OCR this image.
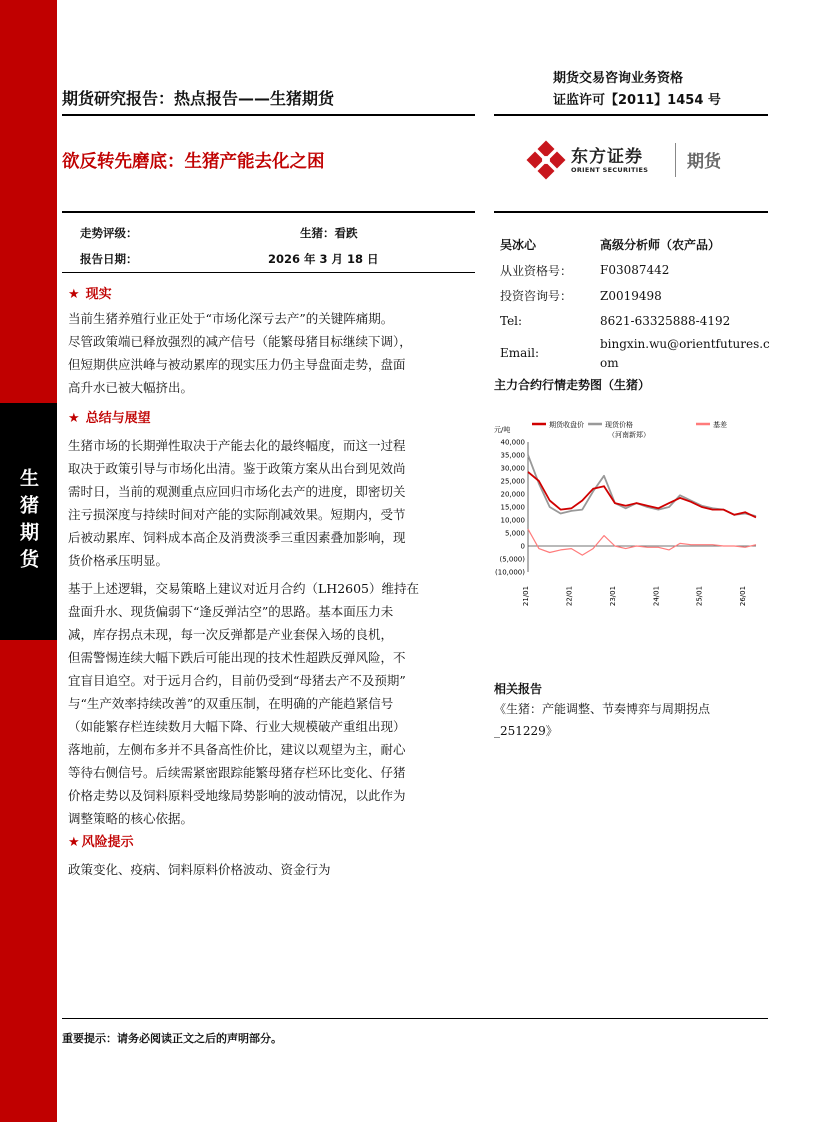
生猪期货
期货研究报告：热点报告——生猪期货
期货交易咨询业务资格
证监许可【2011】1454 号
欲反转先磨底：生猪产能去化之困	东方证券
ORIENT SECURITIES 期货
走势评级：	生猪：看跌
报告日期：	2026 年 3 月 18 日
吴冰心	高级分析师（农产品）
从业资格号： F03087442
投资咨询号： Z0019498
Tel:	8621-63325888-4192
Email:
bingxin.wu@orientfutures.c
om
★ 现实
当前生猪养殖行业正处于“市场化深亏去产”的关键阵痛期。
尽管政策端已释放强烈的减产信号（能繁母猪目标继续下调），
但短期供应洪峰与被动累库的现实压力仍主导盘面走势，盘面
高升水已被大幅挤出。
★ 总结与展望
生猪市场的长期弹性取决于产能去化的最终幅度，而这一过程
取决于政策引导与市场化出清。鉴于政策方案从出台到见效尚
需时日，当前的观测重点应回归市场化去产的进度，即密切关
注亏损深度与持续时间对产能的实际削减效果。短期内，受节
后被动累库、饲料成本高企及消费淡季三重因素叠加影响，现
货价格承压明显。
基于上述逻辑，交易策略上建议对近月合约（LH2605）维持在
盘面升水、现货偏弱下“逢反弹沽空”的思路。基本面压力未
减，库存拐点未现，每一次反弹都是产业套保入场的良机，
但需警惕连续大幅下跌后可能出现的技术性超跌反弹风险，不
宜盲目追空。对于远月合约，目前仍受到“母猪去产不及预期”
与“生产效率持续改善”的双重压制，在明确的产能趋紧信号
（如能繁存栏连续数月大幅下降、行业大规模破产重组出现）
落地前，左侧布多并不具备高性价比，建议以观望为主，耐心
等待右侧信号。后续需紧密跟踪能繁母猪存栏环比变化、仔猪
价格走势以及饲料原料受地缘局势影响的波动情况，以此作为
调整策略的核心依据。
★ 风险提示
政策变化、疫病、饲料原料价格波动、资金行为
主力合约行情走势图（生猪）
元/吨
40,000
35,000
30,000
25,000
20,000
15,000
10,000
5,000
0
(5,000)
(10,000)
期货收盘价	现货价格	基差
（河南新郑）
21/01	22/01	23/01	24/01	25/01	26/01
相关报告
《生猪：产能调整、节奏博弈与周期拐点
_251229》
重要提示：请务必阅读正文之后的声明部分。
